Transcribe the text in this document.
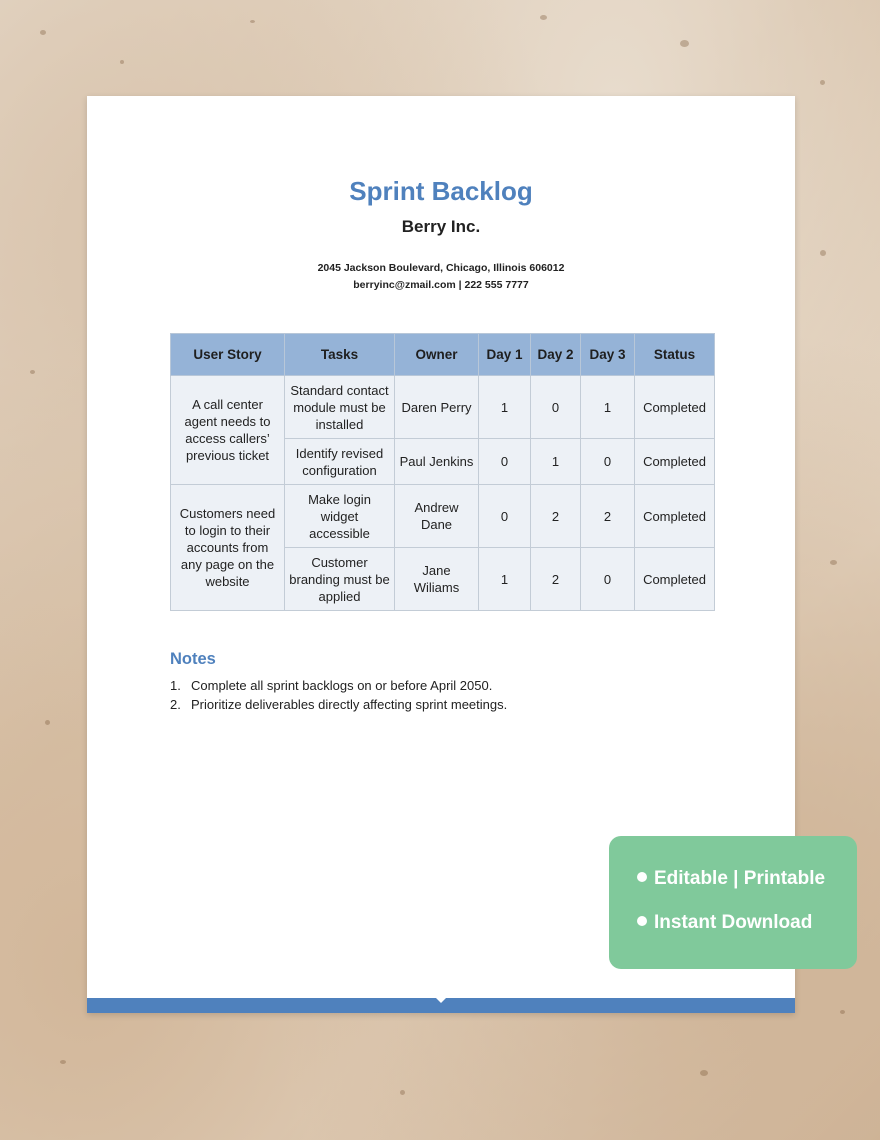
Sprint Backlog
Berry Inc.
2045 Jackson Boulevard, Chicago, Illinois 606012
berryinc@zmail.com | 222 555 7777
User Story	Tasks	Owner	Day 1	Day 2	Day 3	Status
A call center agent needs to access callers’ previous ticket	Standard contact module must be installed	Daren Perry	1	0	1	Completed
	Identify revised configuration	Paul Jenkins	0	1	0	Completed
Customers need to login to their accounts from any page on the website	Make login widget accessible	Andrew Dane	0	2	2	Completed
	Customer branding must be applied	Jane Wiliams	1	2	0	Completed
Notes
1. Complete all sprint backlogs on or before April 2050.
2. Prioritize deliverables directly affecting sprint meetings.
Editable | Printable
Instant Download
